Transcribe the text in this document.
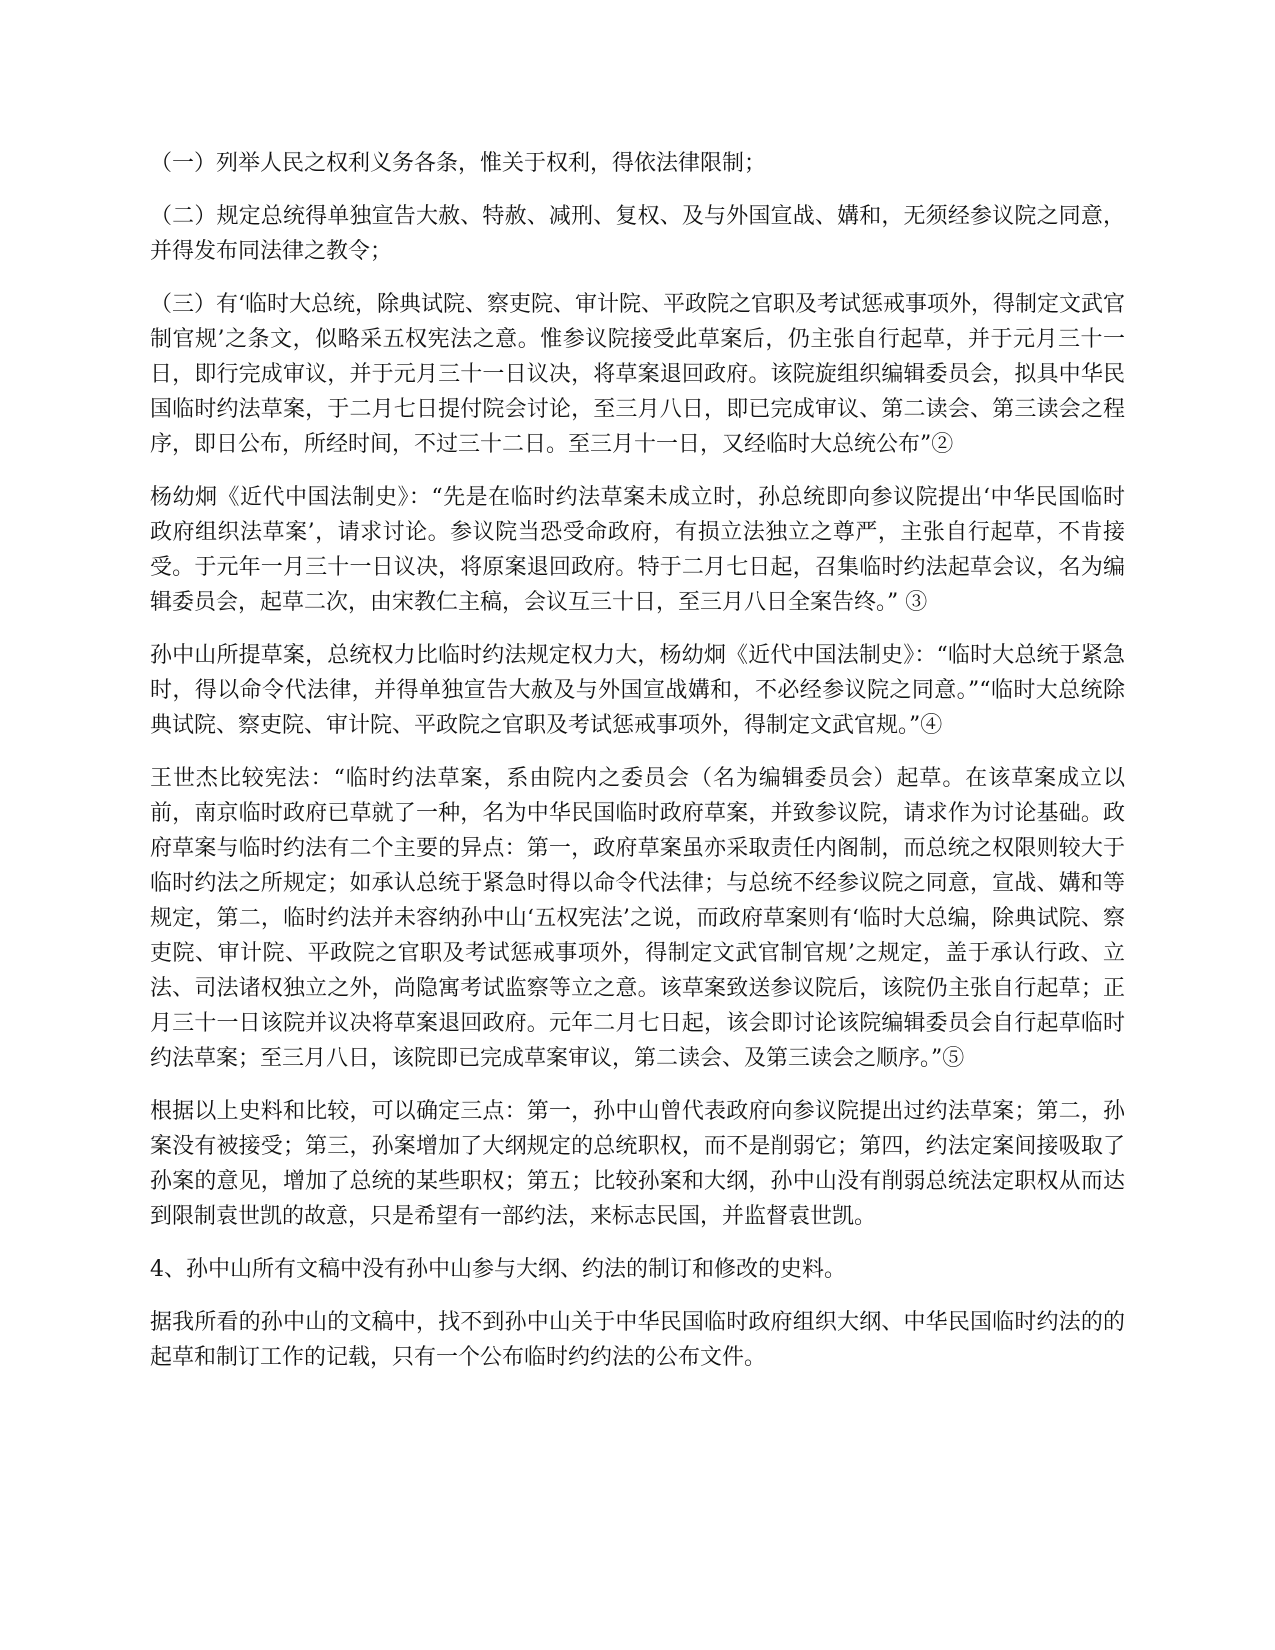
（一）列举人民之权利义务各条，惟关于权利，得依法律限制；

（二）规定总统得单独宣告大赦、特赦、减刑、复权、及与外国宣战、媾和，无须经参议院之同意，并得发布同法律之教令；

（三）有‘临时大总统，除典试院、察吏院、审计院、平政院之官职及考试惩戒事项外，得制定文武官制官规’之条文，似略采五权宪法之意。惟参议院接受此草案后，仍主张自行起草，并于元月三十一日，即行完成审议，并于元月三十一日议决，将草案退回政府。该院旋组织编辑委员会，拟具中华民国临时约法草案，于二月七日提付院会讨论，至三月八日，即已完成审议、第二读会、第三读会之程序，即日公布，所经时间，不过三十二日。至三月十一日，又经临时大总统公布”②

杨幼炯《近代中国法制史》：“先是在临时约法草案未成立时，孙总统即向参议院提出‘中华民国临时政府组织法草案’，请求讨论。参议院当恐受命政府，有损立法独立之尊严，主张自行起草，不肯接受。于元年一月三十一日议决，将原案退回政府。特于二月七日起，召集临时约法起草会议，名为编辑委员会，起草二次，由宋教仁主稿，会议互三十日，至三月八日全案告终。” ③

孙中山所提草案，总统权力比临时约法规定权力大，杨幼炯《近代中国法制史》：“临时大总统于紧急时，得以命令代法律，并得单独宣告大赦及与外国宣战媾和，不必经参议院之同意。”“临时大总统除典试院、察吏院、审计院、平政院之官职及考试惩戒事项外，得制定文武官规。”④

王世杰比较宪法：“临时约法草案，系由院内之委员会（名为编辑委员会）起草。在该草案成立以前，南京临时政府已草就了一种，名为中华民国临时政府草案，并致参议院，请求作为讨论基础。政府草案与临时约法有二个主要的异点：第一，政府草案虽亦采取责任内阁制，而总统之权限则较大于临时约法之所规定；如承认总统于紧急时得以命令代法律；与总统不经参议院之同意，宣战、媾和等规定，第二，临时约法并未容纳孙中山‘五权宪法’之说，而政府草案则有‘临时大总编，除典试院、察吏院、审计院、平政院之官职及考试惩戒事项外，得制定文武官制官规’之规定，盖于承认行政、立法、司法诸权独立之外，尚隐寓考试监察等立之意。该草案致送参议院后，该院仍主张自行起草；正月三十一日该院并议决将草案退回政府。元年二月七日起，该会即讨论该院编辑委员会自行起草临时约法草案；至三月八日，该院即已完成草案审议，第二读会、及第三读会之顺序。”⑤

根据以上史料和比较，可以确定三点：第一，孙中山曾代表政府向参议院提出过约法草案；第二，孙案没有被接受；第三，孙案增加了大纲规定的总统职权，而不是削弱它；第四，约法定案间接吸取了孙案的意见，增加了总统的某些职权；第五；比较孙案和大纲，孙中山没有削弱总统法定职权从而达到限制袁世凯的故意，只是希望有一部约法，来标志民国，并监督袁世凯。

4、孙中山所有文稿中没有孙中山参与大纲、约法的制订和修改的史料。

据我所看的孙中山的文稿中，找不到孙中山关于中华民国临时政府组织大纲、中华民国临时约法的的起草和制订工作的记载，只有一个公布临时约约法的公布文件。
